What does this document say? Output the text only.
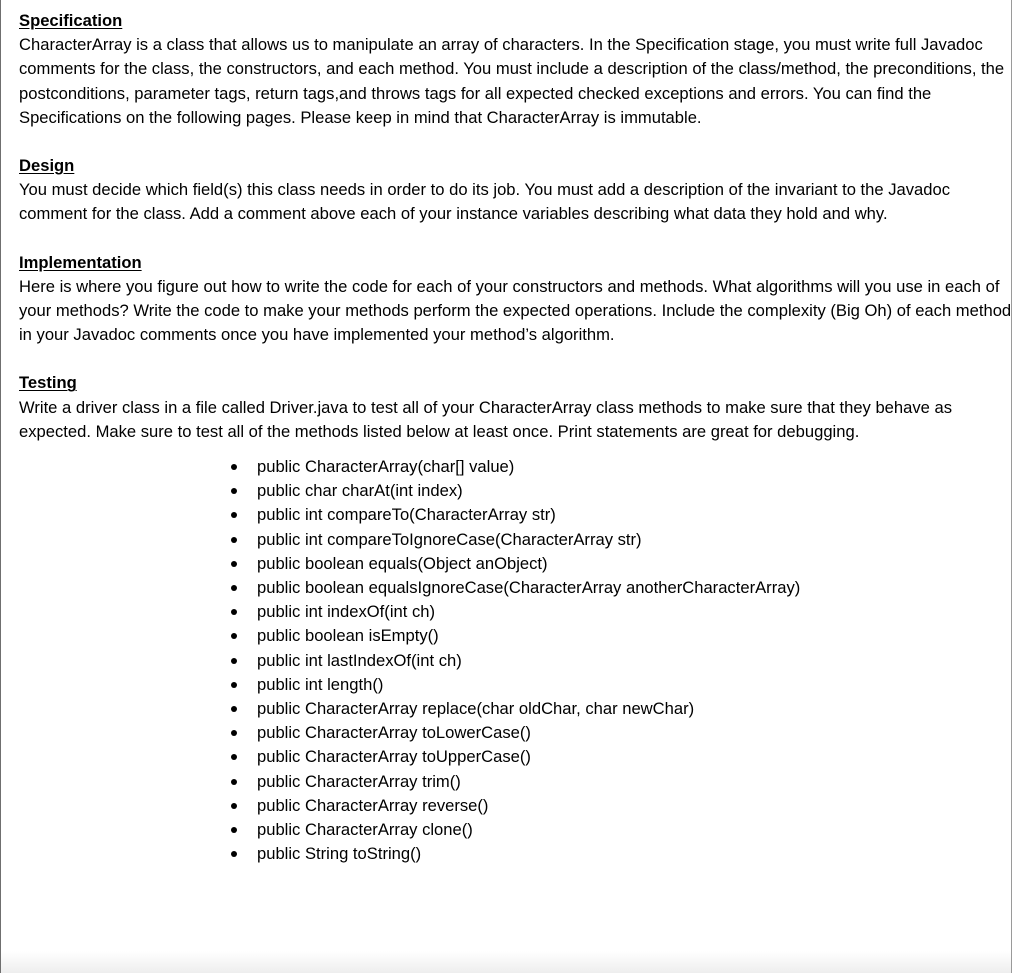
Specification

CharacterArray is a class that allows us to manipulate an array of characters. In the Specification stage, you must write full Javadoc comments for the class, the constructors, and each method. You must include a description of the class/method, the preconditions, the postconditions, parameter tags, return tags,and throws tags for all expected checked exceptions and errors. You can find the Specifications on the following pages. Please keep in mind that CharacterArray is immutable.

Design

You must decide which field(s) this class needs in order to do its job. You must add a description of the invariant to the Javadoc comment for the class. Add a comment above each of your instance variables describing what data they hold and why.

Implementation

Here is where you figure out how to write the code for each of your constructors and methods. What algorithms will you use in each of your methods? Write the code to make your methods perform the expected operations. Include the complexity (Big Oh) of each method in your Javadoc comments once you have implemented your method’s algorithm.

Testing

Write a driver class in a file called Driver.java to test all of your CharacterArray class methods to make sure that they behave as expected. Make sure to test all of the methods listed below at least once. Print statements are great for debugging.

public CharacterArray(char[] value)
public char charAt(int index)
public int compareTo(CharacterArray str)
public int compareToIgnoreCase(CharacterArray str)
public boolean equals(Object anObject)
public boolean equalsIgnoreCase(CharacterArray anotherCharacterArray)
public int indexOf(int ch)
public boolean isEmpty()
public int lastIndexOf(int ch)
public int length()
public CharacterArray replace(char oldChar, char newChar)
public CharacterArray toLowerCase()
public CharacterArray toUpperCase()
public CharacterArray trim()
public CharacterArray reverse()
public CharacterArray clone()
public String toString()
